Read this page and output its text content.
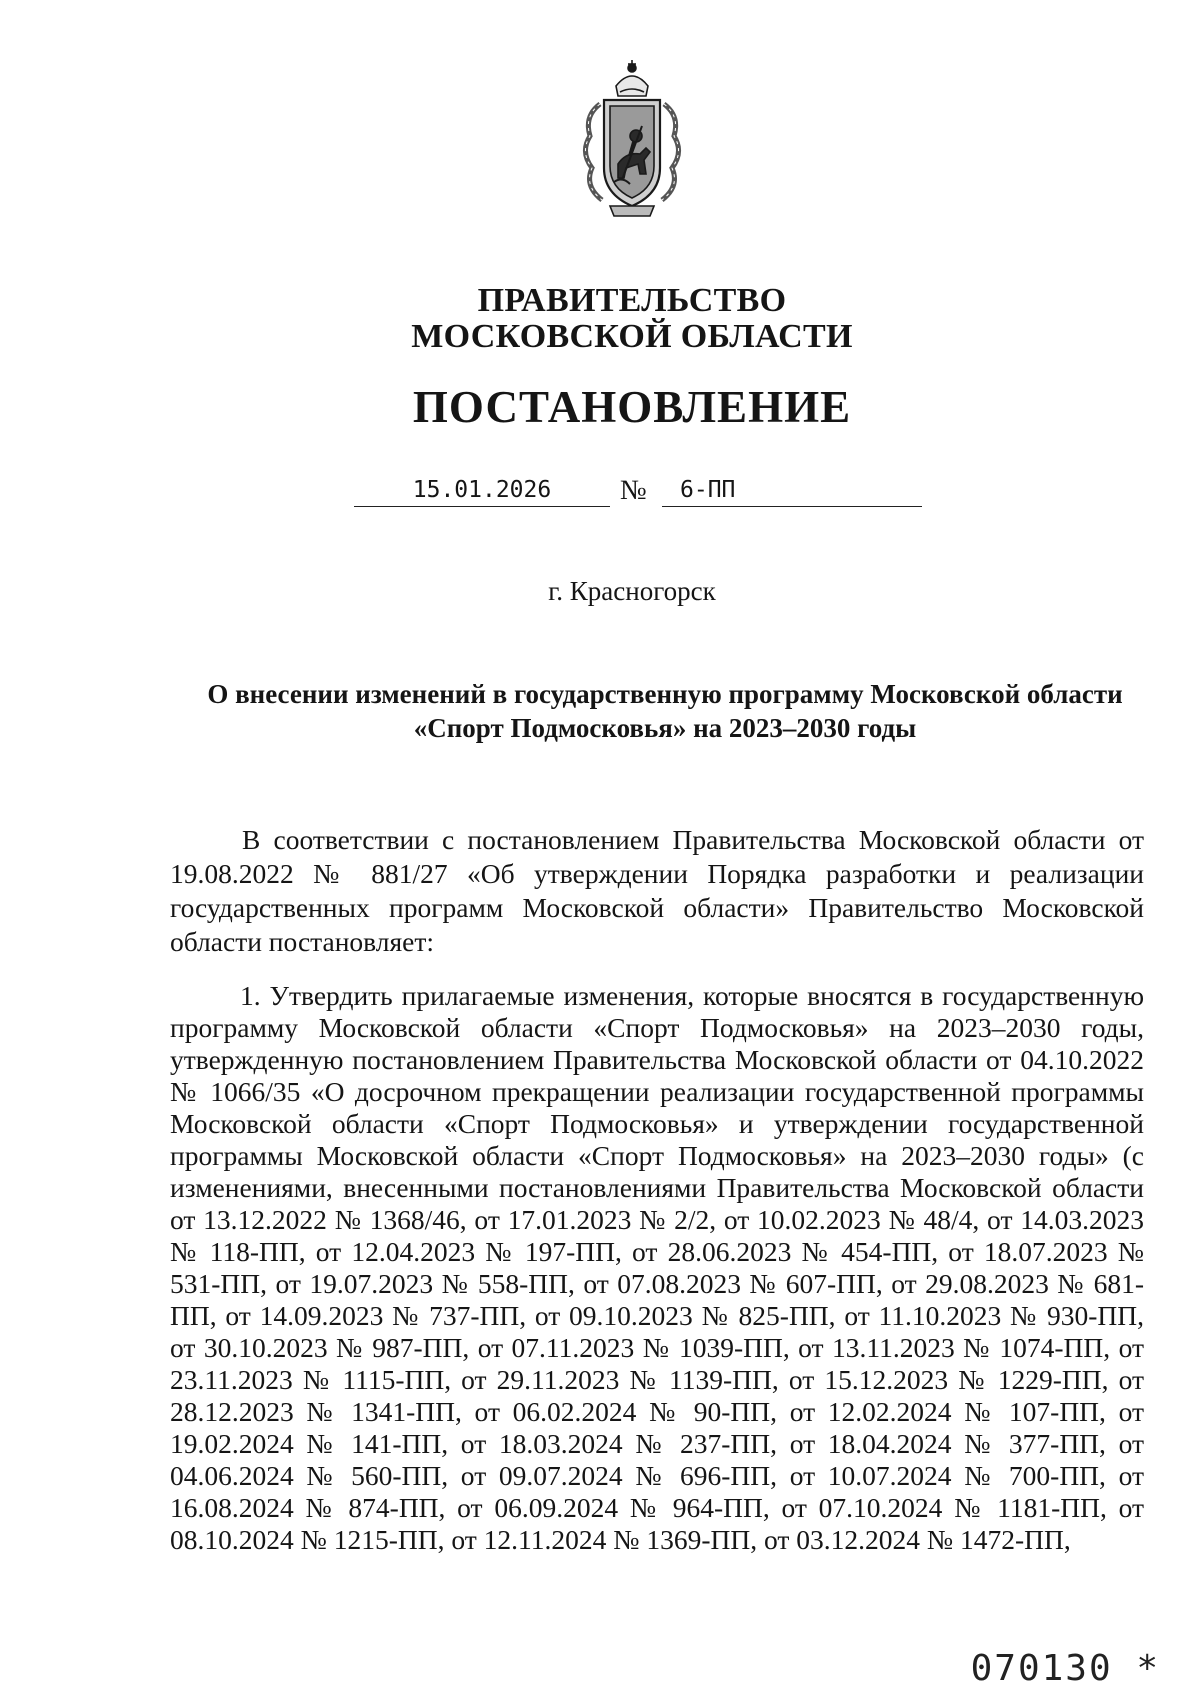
ПРАВИТЕЛЬСТВО
МОСКОВСКОЙ ОБЛАСТИ
ПОСТАНОВЛЕНИЕ
15.01.2026	№	6-ПП
г. Красногорск
О внесении изменений в государственную программу Московской области «Спорт Подмосковья» на 2023–2030 годы
В соответствии с постановлением Правительства Московской области от 19.08.2022 № 881/27 «Об утверждении Порядка разработки и реализации государственных программ Московской области» Правительство Московской области постановляет:
1. Утвердить прилагаемые изменения, которые вносятся в государственную программу Московской области «Спорт Подмосковья» на 2023–2030 годы, утвержденную постановлением Правительства Московской области от 04.10.2022 № 1066/35 «О досрочном прекращении реализации государственной программы Московской области «Спорт Подмосковья» и утверждении государственной программы Московской области «Спорт Подмосковья» на 2023–2030 годы» (с изменениями, внесенными постановлениями Правительства Московской области от 13.12.2022 № 1368/46, от 17.01.2023 № 2/2, от 10.02.2023 № 48/4, от 14.03.2023 № 118-ПП, от 12.04.2023 № 197-ПП, от 28.06.2023 № 454-ПП, от 18.07.2023 № 531-ПП, от 19.07.2023 № 558-ПП, от 07.08.2023 № 607-ПП, от 29.08.2023 № 681-ПП, от 14.09.2023 № 737-ПП, от 09.10.2023 № 825-ПП, от 11.10.2023 № 930-ПП, от 30.10.2023 № 987-ПП, от 07.11.2023 № 1039-ПП, от 13.11.2023 № 1074-ПП, от 23.11.2023 № 1115-ПП, от 29.11.2023 № 1139-ПП, от 15.12.2023 № 1229-ПП, от 28.12.2023 № 1341-ПП, от 06.02.2024 № 90-ПП, от 12.02.2024 № 107-ПП, от 19.02.2024 № 141-ПП, от 18.03.2024 № 237-ПП, от 18.04.2024 № 377-ПП, от 04.06.2024 № 560-ПП, от 09.07.2024 № 696-ПП, от 10.07.2024 № 700-ПП, от 16.08.2024 № 874-ПП, от 06.09.2024 № 964-ПП, от 07.10.2024 № 1181-ПП, от 08.10.2024 № 1215-ПП, от 12.11.2024 № 1369-ПП, от 03.12.2024 № 1472-ПП,
070130 *
